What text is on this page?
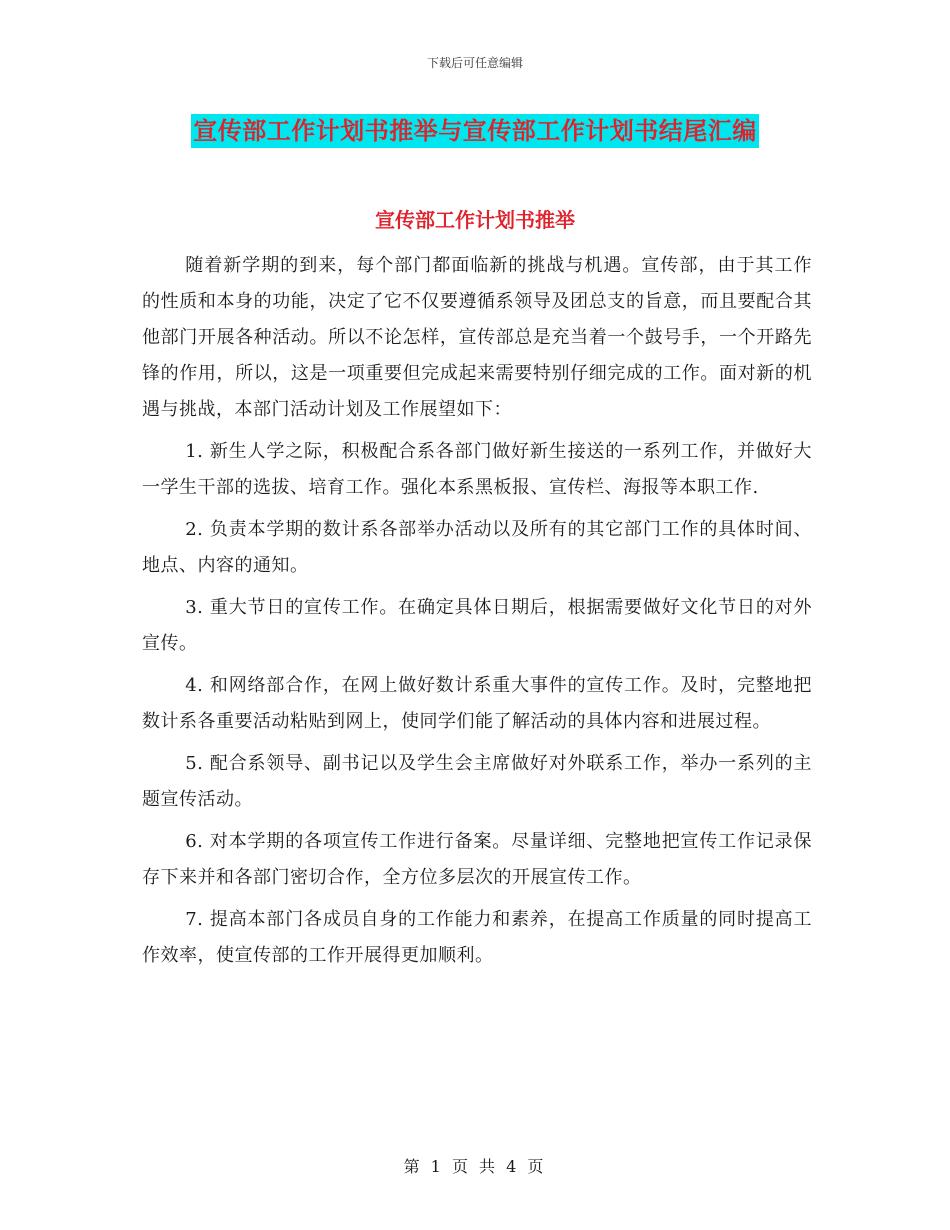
下载后可任意编辑
宣传部工作计划书推举与宣传部工作计划书结尾汇编
宣传部工作计划书推举

随着新学期的到来，每个部门都面临新的挑战与机遇。宣传部，由于其工作的性质和本身的功能，决定了它不仅要遵循系领导及团总支的旨意，而且要配合其他部门开展各种活动。所以不论怎样，宣传部总是充当着一个鼓号手，一个开路先锋的作用，所以，这是一项重要但完成起来需要特别仔细完成的工作。面对新的机遇与挑战，本部门活动计划及工作展望如下：

1. 新生人学之际，积极配合系各部门做好新生接送的一系列工作，并做好大一学生干部的选拔、培育工作。强化本系黑板报、宣传栏、海报等本职工作.

2. 负责本学期的数计系各部举办活动以及所有的其它部门工作的具体时间、地点、内容的通知。

3. 重大节日的宣传工作。在确定具体日期后，根据需要做好文化节日的对外宣传。

4. 和网络部合作，在网上做好数计系重大事件的宣传工作。及时，完整地把数计系各重要活动粘贴到网上，使同学们能了解活动的具体内容和进展过程。

5. 配合系领导、副书记以及学生会主席做好对外联系工作，举办一系列的主题宣传活动。

6. 对本学期的各项宣传工作进行备案。尽量详细、完整地把宣传工作记录保存下来并和各部门密切合作，全方位多层次的开展宣传工作。

7. 提高本部门各成员自身的工作能力和素养，在提高工作质量的同时提高工作效率，使宣传部的工作开展得更加顺利。

第 1 页 共 4 页
